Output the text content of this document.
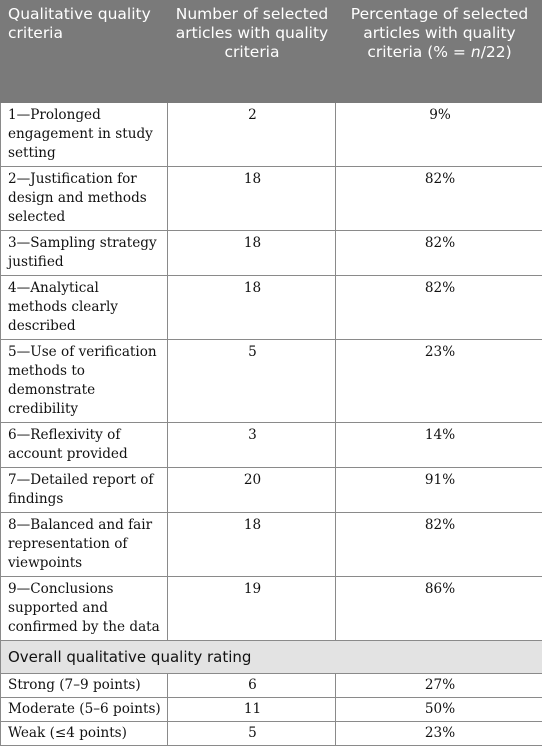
Qualitative quality criteria	Number of selected articles with quality criteria	Percentage of selected articles with quality criteria (% = n/22)
1—Prolonged engagement in study setting	2	9%
2—Justification for design and methods selected	18	82%
3—Sampling strategy justified	18	82%
4—Analytical methods clearly described	18	82%
5—Use of verification methods to demonstrate credibility	5	23%
6—Reflexivity of account provided	3	14%
7—Detailed report of findings	20	91%
8—Balanced and fair representation of viewpoints	18	82%
9—Conclusions supported and confirmed by the data	19	86%
Overall qualitative quality rating		
Strong (7–9 points)	6	27%
Moderate (5–6 points)	11	50%
Weak (≤4 points)	5	23%
